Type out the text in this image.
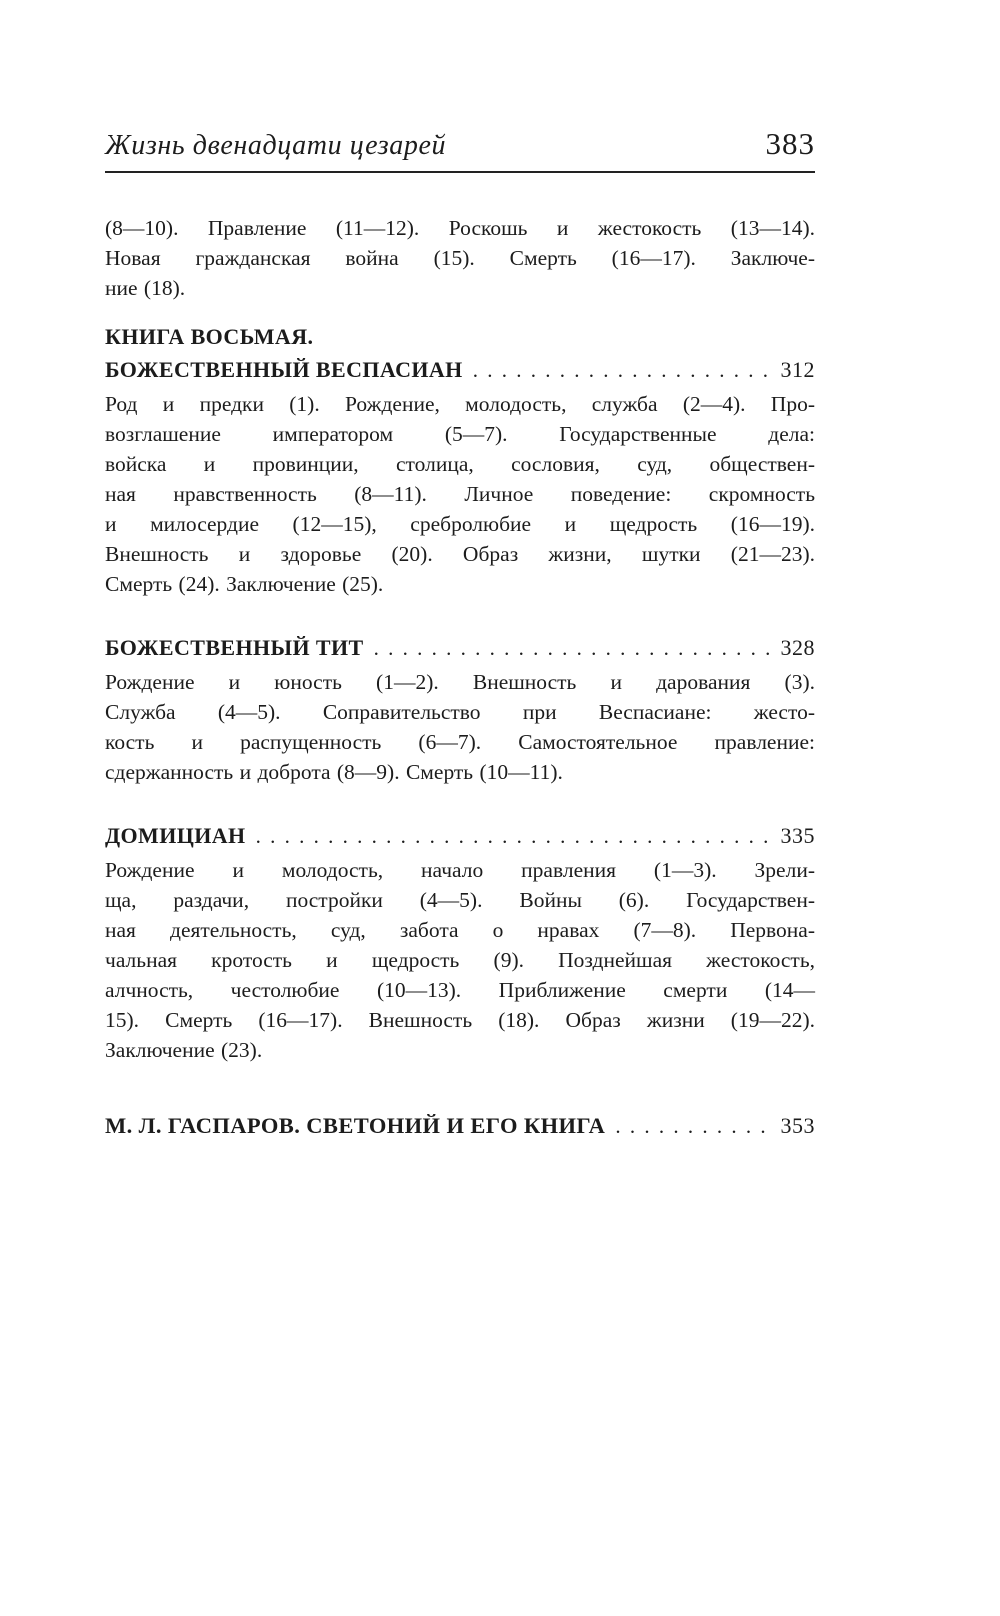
Жизнь двенадцати цезарей	383
(8—10). Правление (11—12). Роскошь и жестокость (13—14).
Новая гражданская война (15). Смерть (16—17). Заключе-
ние (18).
КНИГА ВОСЬМАЯ.
БОЖЕСТВЕННЫЙ ВЕСПАСИАН . . .	312
Род и предки (1). Рождение, молодость, служба (2—4). Про-
возглашение императором (5—7). Государственные дела:
войска и провинции, столица, сословия, суд, обществен-
ная нравственность (8—11). Личное поведение: скромность
и милосердие (12—15), сребролюбие и щедрость (16—19).
Внешность и здоровье (20). Образ жизни, шутки (21—23).
Смерть (24). Заключение (25).
БОЖЕСТВЕННЫЙ ТИТ . . .	328
Рождение и юность (1—2). Внешность и дарования (3).
Служба (4—5). Соправительство при Веспасиане: жесто-
кость и распущенность (6—7). Самостоятельное правление:
сдержанность и доброта (8—9). Смерть (10—11).
ДОМИЦИАН . . .	335
Рождение и молодость, начало правления (1—3). Зрели-
ща, раздачи, постройки (4—5). Войны (6). Государствен-
ная деятельность, суд, забота о нравах (7—8). Первона-
чальная кротость и щедрость (9). Позднейшая жестокость,
алчность, честолюбие (10—13). Приближение смерти (14—
15). Смерть (16—17). Внешность (18). Образ жизни (19—22).
Заключение (23).
М. Л. ГАСПАРОВ. СВЕТОНИЙ И ЕГО КНИГА . . .	353
